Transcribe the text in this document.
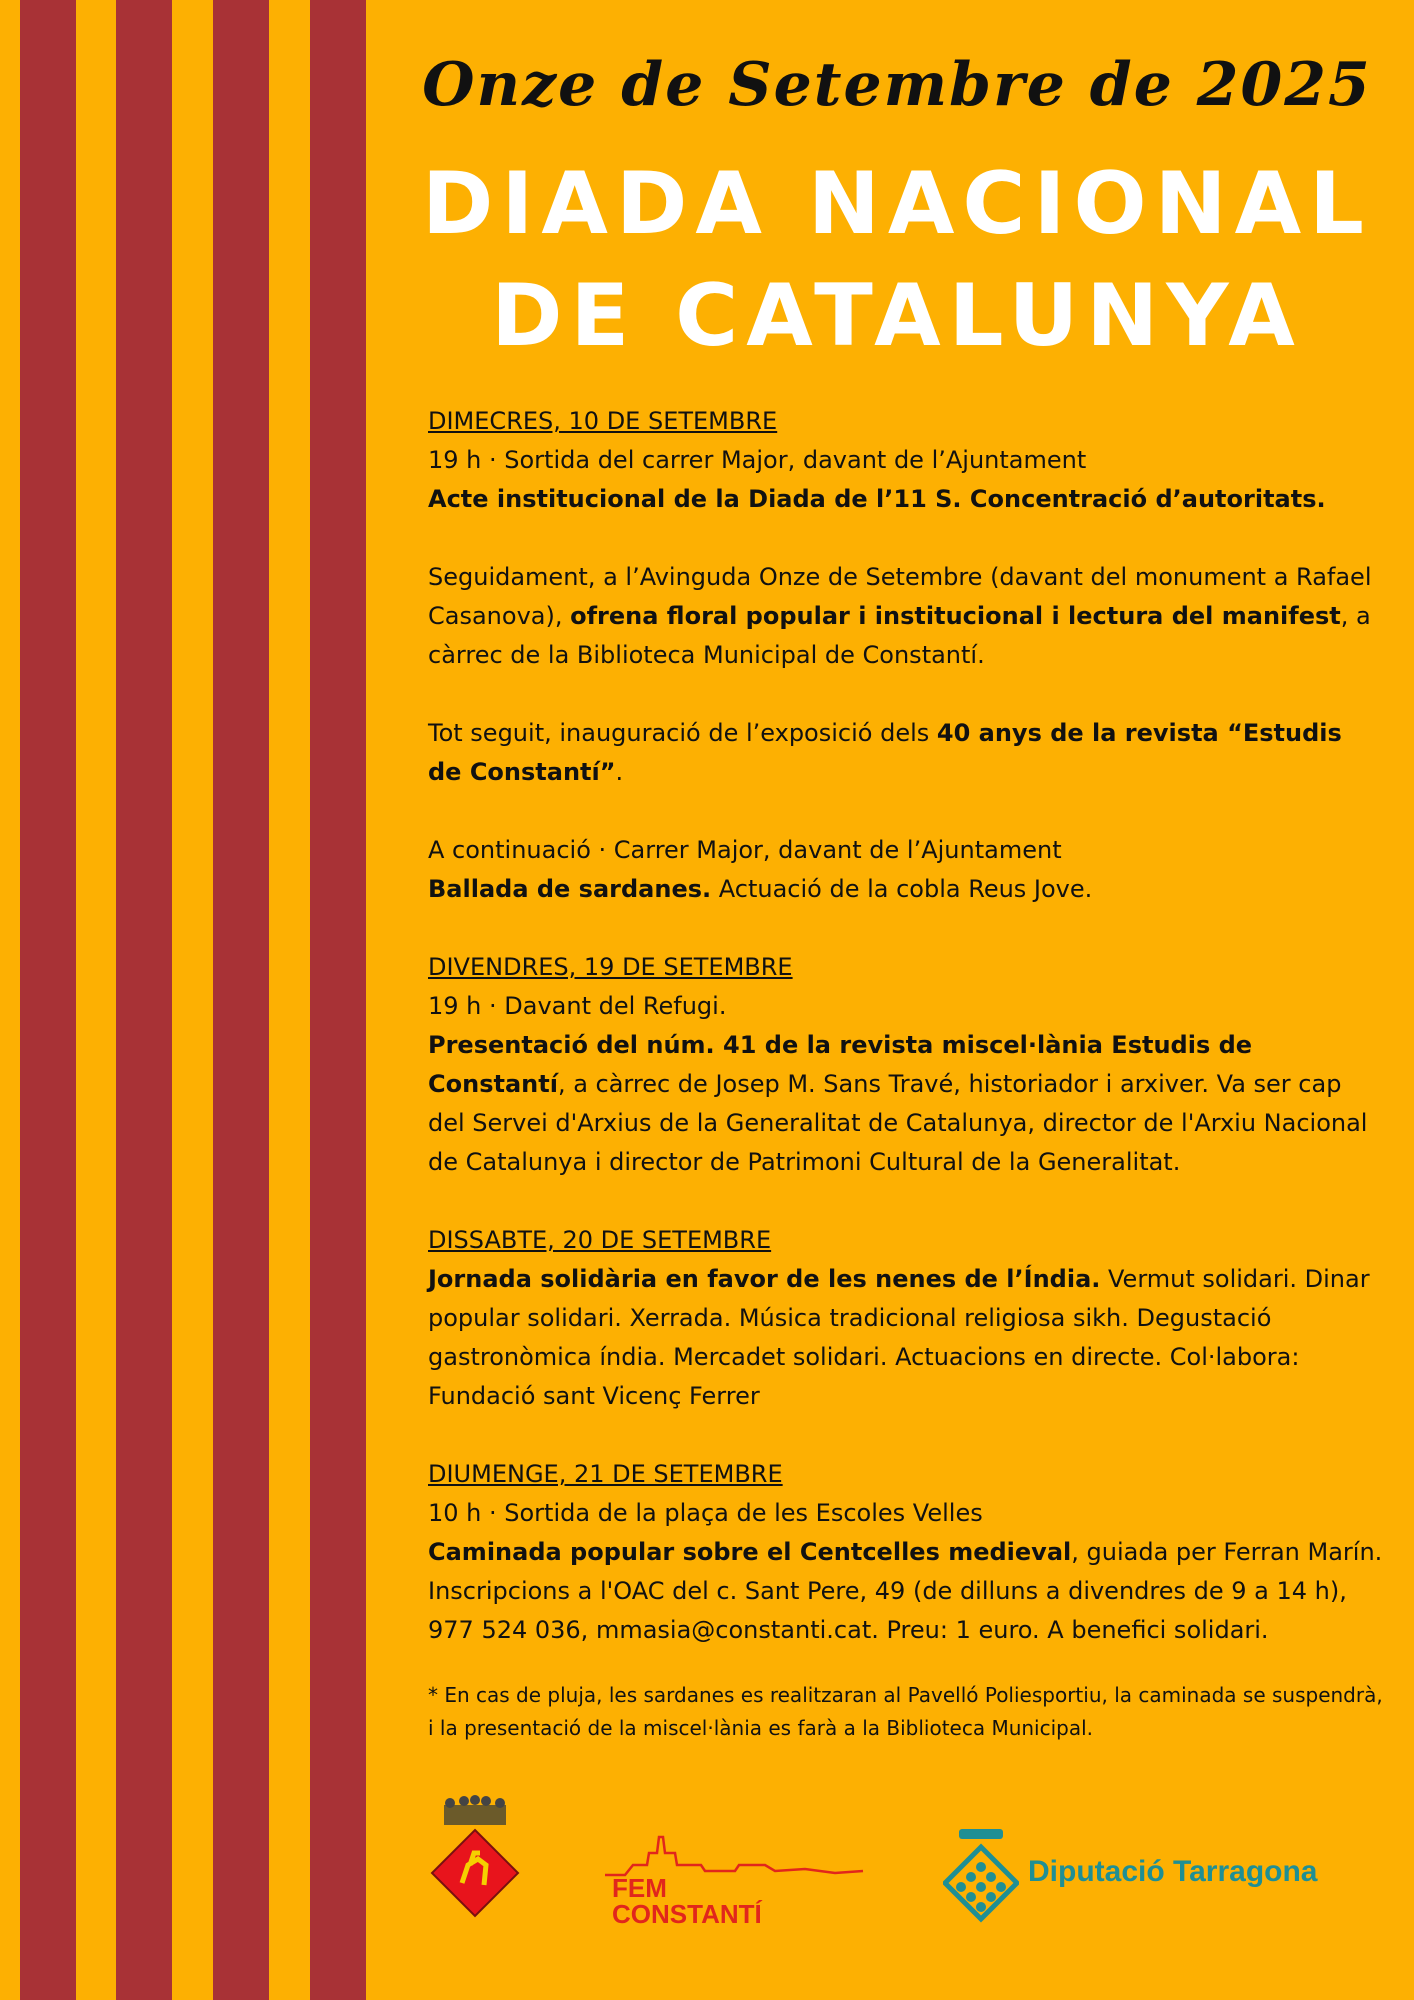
Onze de Setembre de 2025
DIADA NACIONAL
DE CATALUNYA
DIMECRES, 10 DE SETEMBRE
19 h · Sortida del carrer Major, davant de l’Ajuntament
Acte institucional de la Diada de l’11 S. Concentració d’autoritats.
Seguidament, a l’Avinguda Onze de Setembre (davant del monument a Rafael Casanova), ofrena floral popular i institucional i lectura del manifest, a càrrec de la Biblioteca Municipal de Constantí.
Tot seguit, inauguració de l’exposició dels 40 anys de la revista “Estudis de Constantí”.
A continuació · Carrer Major, davant de l’Ajuntament
Ballada de sardanes. Actuació de la cobla Reus Jove.
DIVENDRES, 19 DE SETEMBRE
19 h · Davant del Refugi.
Presentació del núm. 41 de la revista miscel·lània Estudis de Constantí, a càrrec de Josep M. Sans Travé, historiador i arxiver. Va ser cap del Servei d'Arxius de la Generalitat de Catalunya, director de l'Arxiu Nacional de Catalunya i director de Patrimoni Cultural de la Generalitat.
DISSABTE, 20 DE SETEMBRE
Jornada solidària en favor de les nenes de l’Índia. Vermut solidari. Dinar popular solidari. Xerrada. Música tradicional religiosa sikh. Degustació gastronòmica índia. Mercadet solidari. Actuacions en directe. Col·labora: Fundació sant Vicenç Ferrer
DIUMENGE, 21 DE SETEMBRE
10 h · Sortida de la plaça de les Escoles Velles
Caminada popular sobre el Centcelles medieval, guiada per Ferran Marín. Inscripcions a l'OAC del c. Sant Pere, 49 (de dilluns a divendres de 9 a 14 h), 977 524 036, mmasia@constanti.cat. Preu: 1 euro. A benefici solidari.
* En cas de pluja, les sardanes es realitzaran al Pavelló Poliesportiu, la caminada se suspendrà, i la presentació de la miscel·lània es farà a la Biblioteca Municipal.
FEM
CONSTANTÍ
Diputació Tarragona
